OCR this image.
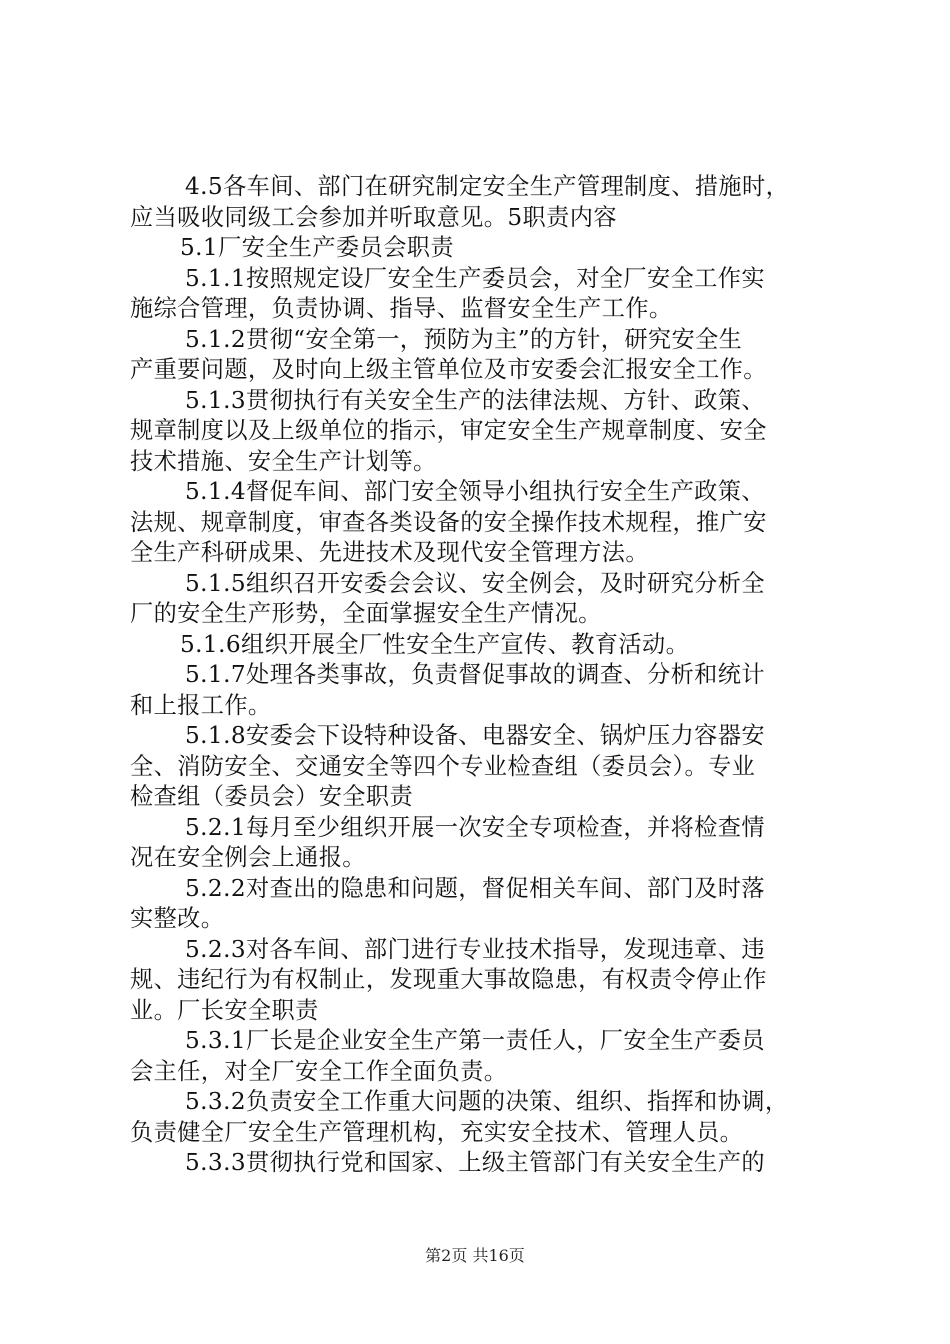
4.5各车间、部门在研究制定安全生产管理制度、措施时，
应当吸收同级工会参加并听取意见。5职责内容
5.1厂安全生产委员会职责
5.1.1按照规定设厂安全生产委员会，对全厂安全工作实
施综合管理，负责协调、指导、监督安全生产工作。
5.1.2贯彻“安全第一，预防为主”的方针，研究安全生
产重要问题，及时向上级主管单位及市安委会汇报安全工作。
5.1.3贯彻执行有关安全生产的法律法规、方针、政策、
规章制度以及上级单位的指示，审定安全生产规章制度、安全
技术措施、安全生产计划等。
5.1.4督促车间、部门安全领导小组执行安全生产政策、
法规、规章制度，审查各类设备的安全操作技术规程，推广安
全生产科研成果、先进技术及现代安全管理方法。
5.1.5组织召开安委会会议、安全例会，及时研究分析全
厂的安全生产形势，全面掌握安全生产情况。
5.1.6组织开展全厂性安全生产宣传、教育活动。
5.1.7处理各类事故，负责督促事故的调查、分析和统计
和上报工作。
5.1.8安委会下设特种设备、电器安全、锅炉压力容器安
全、消防安全、交通安全等四个专业检查组（委员会）。专业
检查组（委员会）安全职责
5.2.1每月至少组织开展一次安全专项检查，并将检查情
况在安全例会上通报。
5.2.2对查出的隐患和问题，督促相关车间、部门及时落
实整改。
5.2.3对各车间、部门进行专业技术指导，发现违章、违
规、违纪行为有权制止，发现重大事故隐患，有权责令停止作
业。厂长安全职责
5.3.1厂长是企业安全生产第一责任人，厂安全生产委员
会主任，对全厂安全工作全面负责。
5.3.2负责安全工作重大问题的决策、组织、指挥和协调，
负责健全厂安全生产管理机构，充实安全技术、管理人员。
5.3.3贯彻执行党和国家、上级主管部门有关安全生产的
第2页 共16页
